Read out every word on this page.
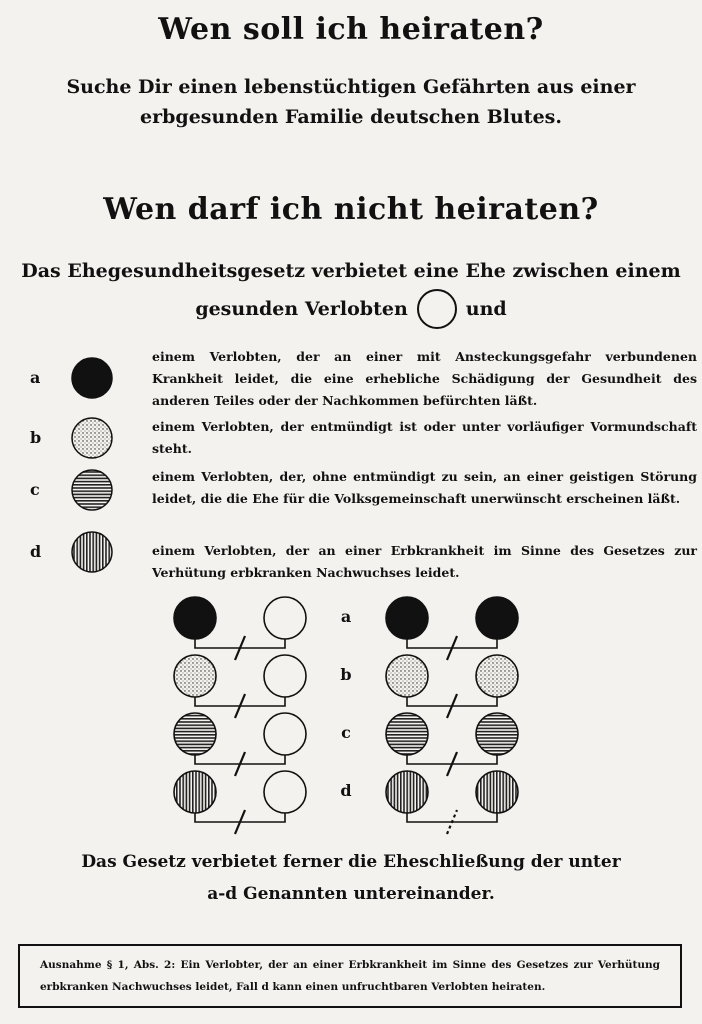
Wen soll ich heiraten?
Suche Dir einen lebenstüchtigen Gefährten aus einer
erbgesunden Familie deutschen Blutes.
Wen darf ich nicht heiraten?
Das Ehegesundheitsgesetz verbietet eine Ehe zwischen einem
gesunden Verlobten	und
a
einem Verlobten, der an einer mit Ansteckungsgefahr verbundenen Krankheit leidet, die eine erhebliche Schädigung der Gesundheit des anderen Teiles oder der Nachkommen befürchten läßt.
b
einem Verlobten, der entmündigt ist oder unter vorläufiger Vormundschaft steht.
c
einem Verlobten, der, ohne entmündigt zu sein, an einer geistigen Störung leidet, die die Ehe für die Volksgemeinschaft unerwünscht erscheinen läßt.
d	einem Verlobten, der an einer Erbkrankheit im Sinne des Gesetzes zur Verhütung erbkranken Nachwuchses leidet.
a
b
c
d
Das Gesetz verbietet ferner die Eheschließung der unter
a-d Genannten untereinander.
Ausnahme § 1, Abs. 2: Ein Verlobter, der an einer Erbkrankheit im Sinne des Gesetzes zur Verhütung erbkranken Nachwuchses leidet, Fall d kann einen unfruchtbaren Verlobten heiraten.
